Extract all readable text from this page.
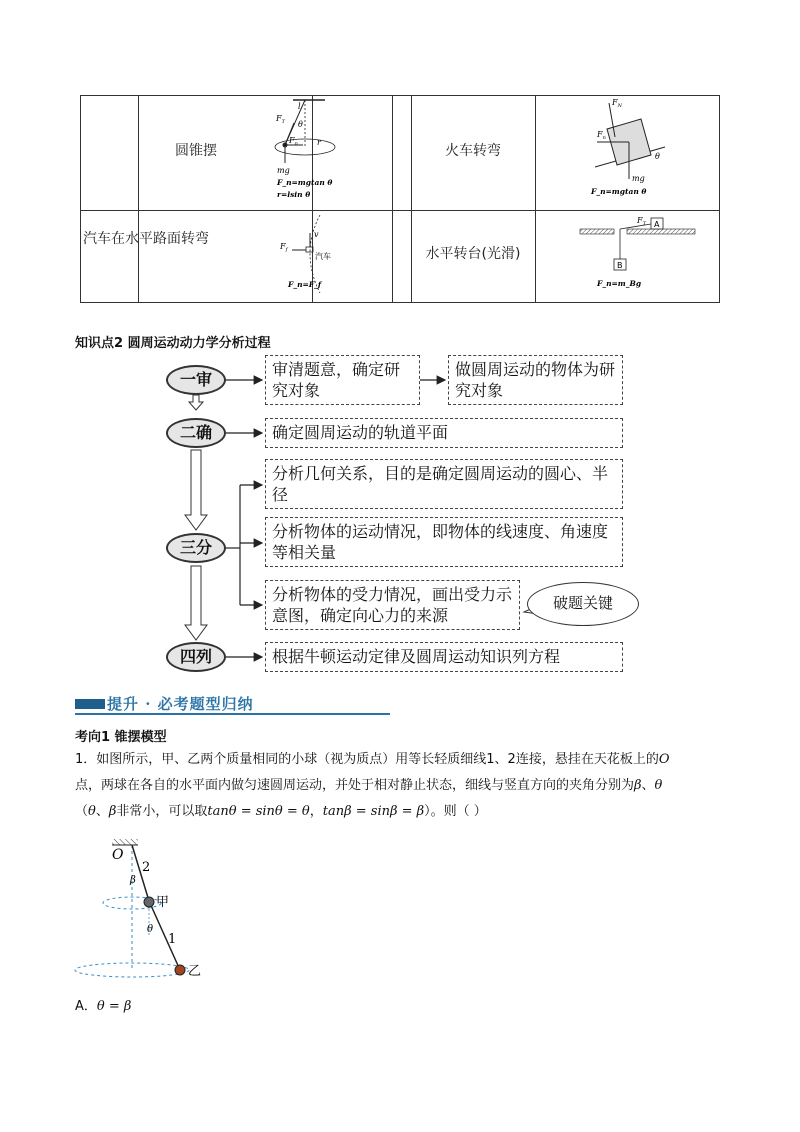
圆锥摆	火车转弯
汽车在水平路面转弯
水平转台(光滑)
$F_T$
l
θ
$F_n$ r
mg
F_n=mgtan θ
r=lsin θ
$F_N$
$F_n$
θ
mg
F_n=mgtan θ
v
$F_f$
汽车
F_n=F_f
$F_T$ A
B
F_n=m_Bg
知识点2 圆周运动动力学分析过程
一审
二确
三分
四列
审清题意，确定研究对象
做圆周运动的物体为研究对象
确定圆周运动的轨道平面
分析几何关系，目的是确定圆周运动的圆心、半径
分析物体的运动情况，即物体的线速度、角速度等相关量
分析物体的受力情况，画出受力示意图，确定向心力的来源
破题关键
根据牛顿运动定律及圆周运动知识列方程
提升 · 必考题型归纳
考向1 锥摆模型
1．如图所示，甲、乙两个质量相同的小球（视为质点）用等长轻质细线1、2连接，悬挂在天花板上的O
点，两球在各自的水平面内做匀速圆周运动，并处于相对静止状态，细线与竖直方向的夹角分别为β、θ
（θ、β非常小，可以取tanθ = sinθ = θ，tanβ = sinβ = β）。则（ ）
O
2
β
甲
θ
1
乙
A．θ = β
